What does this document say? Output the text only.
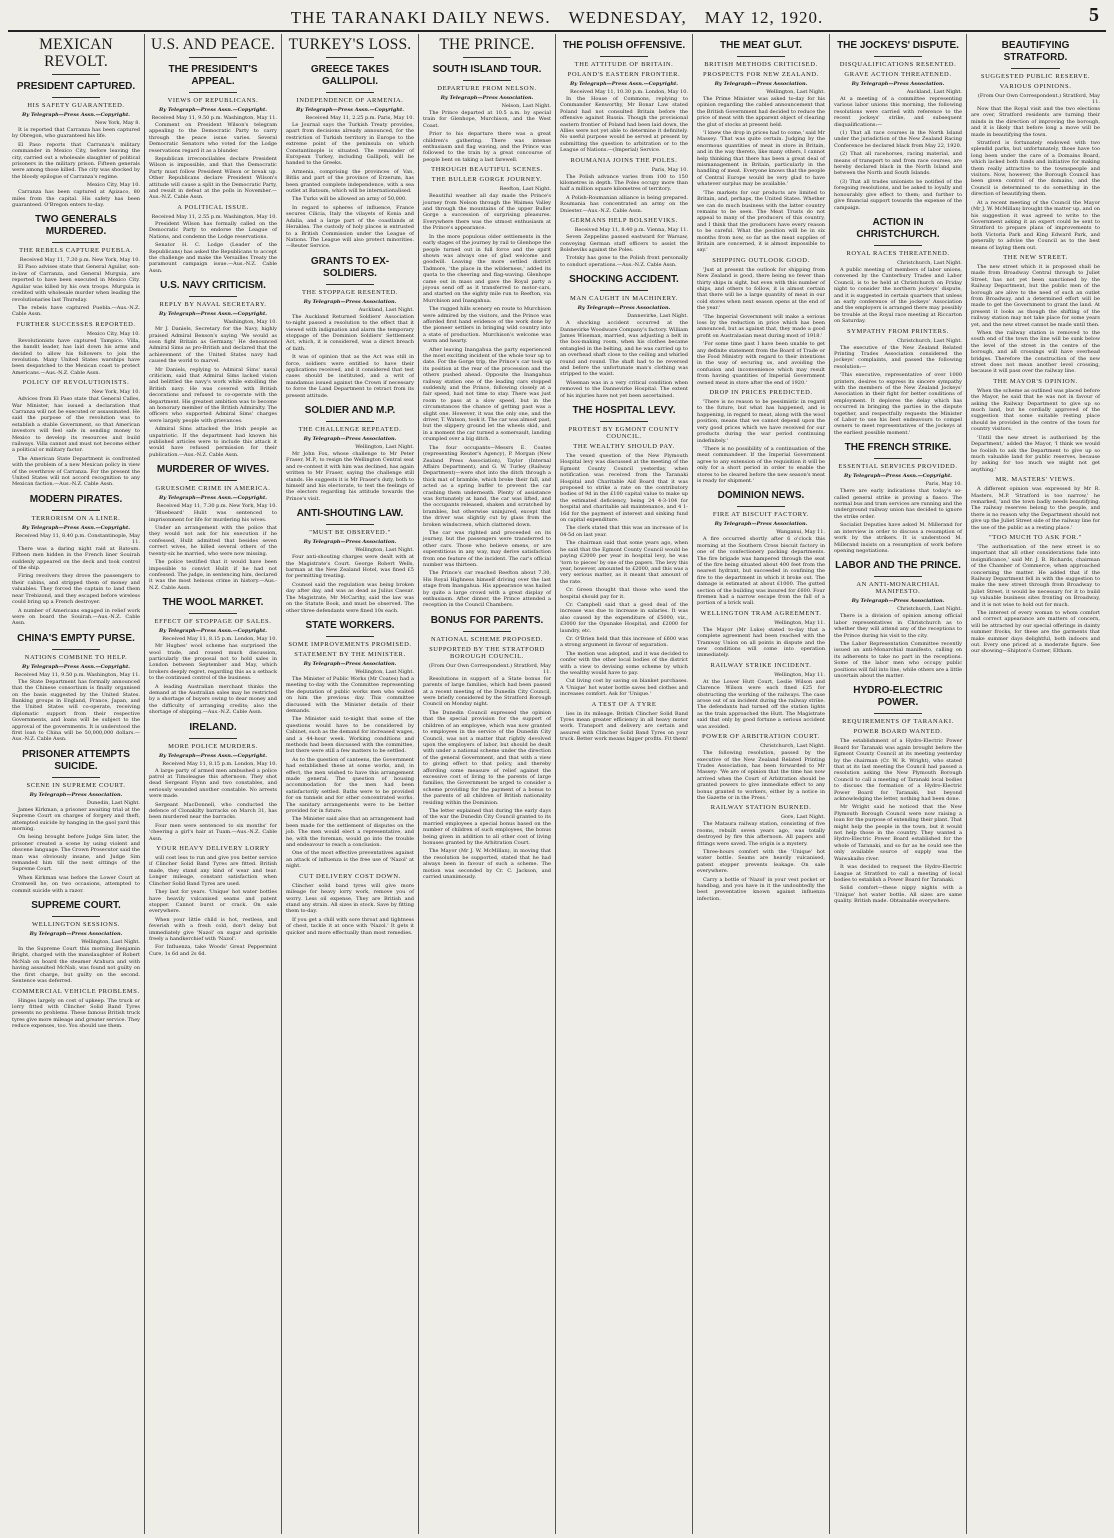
THE TARANAKI DAILY NEWS. WEDNESDAY, MAY 12, 1920.	5
MEXICAN REVOLT.
PRESIDENT CAPTURED.
HIS SAFETY GUARANTEED.
By Telegraph—Press Assn.—Copyright.
New York, May 8.

It is reported that Carranza has been captured by Obregon, who guaranteed his life.

El Paso reports that Carranza's military commander in Mexico City, before leaving the city, carried out a wholesale slaughter of political prisoners in the military prison. Fifteen generals were among those killed. The city was shocked by the bloody epilogue of Carranza's regime.

Mexico City, May 10.

Carranza has been captured at Apizaco, 80 miles from the capital. His safety has been guaranteed. O'Bregon enters to-day.

TWO GENERALS MURDERED.
THE REBELS CAPTURE PUEBLA.
Received May 11, 7.30 p.m. New York, May 10.

El Paso advises state that General Aguilar, son-in-law of Carranza, and General Murguia, are reported to have been executed in Mexico City. Aguilar was killed by his own troops. Murguia is credited with wholesale murder when leading the revolutionaries last Thursday.

The rebels have captured Puebla.—Aus.-N.Z. Cable Assn.

FURTHER SUCCESSES REPORTED.
Mexico City, May 10.

Revolutionists have captured Tampico. Villa, the bandit leader, has laid down his arms and decided to allow his followers to join the revolution. Many United States warships have been despatched to the Mexican coast to protect Americans.—Aus.-N.Z. Cable Assn.

POLICY OF REVOLUTIONISTS.
New York, May 10.

Advices from El Paso state that General Calles, War Minister, has issued a declaration that Carranza will not be executed or assassinated. He said the purpose of the revolution was to establish a stable Government, so that American investors will feel safe in sending money to Mexico to develop its resources and build railways. Villa cannot and must not become either a political or military factor.

The American State Department is confronted with the problem of a new Mexican policy in view of the overthrow of Carranza. For the present the United States will not accord recognition to any Mexican faction.—Aus.-N.Z. Cable Assn.

MODERN PIRATES.
TERRORISM ON A LINER.
By Telegraph—Press Assn.—Copyright.
Received May 11, 8.40 p.m. Constantinople, May 11.

There was a daring night raid at Batoum. Fifteen men hidden in the French liner Souirah suddenly appeared on the deck and took control of the ship.

Firing revolvers they drove the passengers to their cabins, and stripped them of money and valuables. They forced the captain to land them near Trebizond, and they escaped before wireless could bring up a French destroyer.

A number of Americans engaged in relief work were on board the Souirah.—Aus.-N.Z. Cable Assn.

CHINA'S EMPTY PURSE.
NATIONS COMBINE TO HELP.
By Telegraph—Press Assn.—Copyright.
Received May 11, 9.50 p.m. Washington, May 11.

The State Department has formally announced that the Chinese consortium is finally organised on the basis suggested by the United States. Banking groups in England, France, Japan, and the United States will co-operate, receiving diplomatic support from their respective Governments, and loans will be subject to the approval of the governments. It is understood the first loan to China will be 50,000,000 dollars.—Aus.-N.Z. Cable Assn.

PRISONER ATTEMPTS SUICIDE.
SCENE IN SUPREME COURT.
By Telegraph—Press Association.
Dunedin, Last Night.

James Kirkman, a prisoner awaiting trial at the Supreme Court on charges of forgery and theft, attempted suicide by hanging in the gaol yard this morning.

On being brought before Judge Sim later, the prisoner created a scene by using violent and obscene language. The Crown Prosecutor said the man was obviously insane, and Judge Sim remanded him till the next sittings of the Supreme Court.

When Kirkman was before the Lower Court at Cromwell he, on two occasions, attempted to commit suicide with a razor.

SUPREME COURT.
WELLINGTON SESSIONS.
By Telegraph—Press Association.
Wellington, Last Night.

In the Supreme Court this morning Benjamin Bright, charged with the manslaughter of Robert McNab on board the steamer Arahura and with having assaulted McNab, was found not guilty on the first charge, but guilty on the second. Sentence was deferred.

COMMERCIAL VEHICLE PROBLEMS.

Hinges largely on cost of upkeep. The truck or lorry fitted with Clincher Solid Band Tyres presents no problems. These famous British truck tyres give more mileage and greater service. They reduce expenses, too. You should use them.

U.S. AND PEACE.
THE PRESIDENT'S APPEAL.
VIEWS OF REPUBLICANS.
By Telegraph—Press Assn.—Copyright.
Received May 11, 9.50 p.m. Washington, May 11.

Comment on President Wilson's telegram appealing to the Democratic Party to carry through the peace issue varies. Several Democratic Senators who voted for the Lodge reservations regard it as a blunder.

Republican irreconcilables declare President Wilson is impossible, and that the Democratic Party must follow President Wilson or break up. Other Republicans declare President Wilson's attitude will cause a split in the Democratic Party, and result in defeat at the polls in November.—Aus.-N.Z. Cable Assn.

A POLITICAL ISSUE.
Received May 11, 2.55 p.m. Washington, May 10.

President Wilson has formally called on the Democratic Party to endorse the League of Nations, and condemn the Lodge reservations.

Senator H. C. Lodge (Leader of the Republicans) has asked the Republicans to accept the challenge and make the Versailles Treaty the paramount campaign issue.—Aus.-N.Z. Cable Assn.

U.S. NAVY CRITICISM.
REPLY BY NAVAL SECRETARY.
By Telegraph—Press Assn.—Copyright.
Washington, May 10.

Mr J. Daniels, Secretary for the Navy, highly praised Admiral Benson's saying 'We would as soon fight Britain as Germany.' He denounced Admiral Sims as pro-British and declared that the achievement of the United States navy had caused the world to marvel.

Mr Daniels, replying to Admiral Sims' naval criticism, said that Admiral Sims lacked vision and belittled the navy's work while extolling the British navy. He was covered with British decorations and refused to co-operate with the department. His greatest ambition was to become an honorary member of the British Admiralty. The officers who supported Admiral Sims' charges were largely people with grievances.

Admiral Sims attacked the Irish people as unpatriotic. If the department had known his published articles were to include this attack it would have refused permission for their publication.—Aus.-N.Z. Cable Assn.

MURDERER OF WIVES.
GRUESOME CRIME IN AMERICA.
By Telegraph—Press Assn.—Copyright.
Received May 11, 7.30 p.m. New York, May 10.

'Bluebeard' Hulit was sentenced to imprisonment for life for murdering his wives.

Under an arrangement with the police that they would not ask for his execution if he confessed, Hulit admitted that besides seven correct wives, he killed several others of the twenty-six he married, who were now missing.

The police testified that it would have been impossible to convict Hulit if he had not confessed. The judge, in sentencing him, declared it was the most heinous crime in history.—Aus.-N.Z. Cable Assn.

THE WOOL MARKET.
EFFECT OF STOPPAGE OF SALES.
By Telegraph—Press Assn.—Copyright.
Received May 11, 8.15 p.m. London, May 10.

Mr Hughes' wool scheme has surprised the wool trade, and roused much discussion, particularly the proposal not to hold sales in London between September and May, which brokers deeply regret, regarding this as a setback to the continued control of the business.

A leading Australian merchant thinks the demand at the Australian sales may be restricted by a shortage of buyers owing to dear money and the difficulty of arranging credits; also the shortage of shipping.—Aus.-N.Z. Cable Assn.

IRELAND.
MORE POLICE MURDERS.
By Telegraph—Press Assn.—Copyright.
Received May 11, 8.15 p.m. London, May 10.

A large party of armed men ambushed a police patrol at Timoleague this afternoon. They shot dead Sergeant Flynn and two constables, and seriously wounded another constable. No arrests were made.

Sergeant MacDonnell, who conducted the defence of Clonakilty barracks on March 31, has been murdered near the barracks.

Four men were sentenced to six months' for 'cheering a girl's hair at Tuam.—Aus.-N.Z. Cable Assn.

YOUR HEAVY DELIVERY LORRY

will cost less to run and give you better service if Clincher Solid Band Tyres are fitted. British made, they stand any kind of wear and tear. Longer mileage, constant satisfaction when Clincher Solid Band Tyres are used.

They last for years. 'Unique' hot water bottles have heavily vulcanised seams and patent stopper. Cannot burst or crack. On sale everywhere.

When your little child is hot, restless, and feverish with a fresh cold, don't delay but immediately give 'Nazol' on sugar and sprinkle freely a handkerchief with 'Nazol'.

For Influenza, take Woods' Great Peppermint Cure, 1s 6d and 2s 6d.

TURKEY'S LOSS.
GREECE TAKES GALLIPOLI.
INDEPENDENCE OF ARMENIA.
By Telegraph—Press Assn.—Copyright.
Received May 11, 2.25 p.m. Paris, May 10.

Le Journal says the Turkish Treaty provides, apart from decisions already announced, for the restriction of Turkish territory in Europe to the extreme point of the peninsula on which Constantinople is situated. The remainder of European Turkey, including Gallipoli, will be handed to the Greeks.

Armenia, comprising the provinces of Van, Bitlis and part of the province of Erzerum, has been granted complete independence, with a sea outlet at Batoum, which will be internationalised.

The Turks will be allowed an army of 50,000.

In regard to spheres of influence, France secures Cilicia, Italy the vilayets of Konia and Adalia, and a large part of the coastlands at Heraklea. The custody of holy places is entrusted to a British Commission under the League of Nations. The League will also protect minorities.—Reuter Service.

GRANTS TO EX-SOLDIERS.
THE STOPPAGE RESENTED.
By Telegraph—Press Association.
Auckland, Last Night.

The Auckland Returned Soldiers' Association to-night passed a resolution to the effect that it viewed with indignation and alarm the temporary stoppage of the Dominion Soldiers' Settlement Act, which, it is considered, was a direct breach of faith.

It was of opinion that as the Act was still in force, soldiers were entitled to have their applications received, and it considered that test cases should be instituted, and a writ of mandamus issued against the Crown if necessary to force the Land Department to retract from its present attitude.

SOLDIER AND M.P.
THE CHALLENGE REPEATED.
By Telegraph—Press Association.
Wellington, Last Night.

Mr John Fox, whose challenge to Mr Peter Fraser, M.P., to resign the Wellington Central seat and re-contest it with him was declined, has again written to Mr Fraser, saying the challenge still stands. He suggests it is Mr Fraser's duty, both to himself and his electorate, to test the feelings of the electors regarding his attitude towards the Prince's visit.

ANTI-SHOUTING LAW.
"MUST BE OBSERVED."
By Telegraph—Press Association.
Wellington, Last Night.

Four anti-shouting charges were dealt with at the Magistrate's Court. George Robert Wells, barman at the New Zealand Hotel, was fined £5 for permitting treating.

Counsel said the regulation was being broken day after day, and was as dead as Julius Caesar. The Magistrate, Mr McCarthy, said the law was on the Statute Book, and must be observed. The other three defendants were fined 10s each.

STATE WORKERS.
SOME IMPROVEMENTS PROMISED.
STATEMENT BY THE MINISTER.
By Telegraph—Press Association.
Wellington, Last Night.

The Minister of Public Works (Mr Coates) had a meeting to-day with the Committee representing the deputation of public works men who waited on him the previous day. This committee discussed with the Minister details of their demands.

The Minister said to-night that some of the questions would have to be considered by Cabinet, such as the demand for increased wages, and a 44-hour week. Working conditions and methods had been discussed with the committee, but there were still a few matters to be settled.

As to the question of canteens, the Government had established these at some works, and, in effect, the men wished to have this arrangement made general. The question of housing accommodation for the men had been satisfactorily settled. Baths were to be provided for on tunnels and for other concentrated works. The sanitary arrangements were to be better provided for in future.

The Minister said also that an arrangement had been made for the settlement of disputes on the job. The men would elect a representative, and he, with the foreman, would go into the trouble and endeavour to reach a conclusion.

One of the most effective preventatives against an attack of influenza is the free use of 'Nazol' at night.

CUT DELIVERY COST DOWN.

Clincher solid band tyres will give more mileage for heavy lorry work, remove you of worry. Less oil expense, They are British and stand any strain. All sizes in stock. Save by fitting them to-day.

If you get a chill with sore throat and tightness of chest, tackle it at once with 'Nazol.' It gets it quicker and more effectually than most remedies.

THE PRINCE.
SOUTH ISLAND TOUR.
DEPARTURE FROM NELSON.
By Telegraph—Press Association.
Nelson, Last Night.

The Prince departed at 10.5 a.m. by special train for Glenhope, Murchison, and the West Coast.

Prior to his departure there was a great children's gathering. There was intense enthusiasm and flag waving, and the Prince was followed to the train by a great concourse of people bent on taking a last farewell.

THROUGH BEAUTIFUL SCENES.
THE BULLER GORGE JOURNEY.
Reefton, Last Night.

Beautiful weather all day made the Prince's journey from Nelson through the Waimea Valley and through the mountains of the upper Buller Gorge a succession of surprising pleasures. Everywhere there was the utmost enthusiasm at the Prince's appearance.

In the more populous older settlements in the early stages of the journey by rail to Glenhope the people turned out in full force and the spirit shown was always one of glad welcome and goodwill. Leaving the more settled district Tadmore, 'the place in the wilderness,' added its quota to the cheering and flag-waving. Glenhope came out in mass and gave the Royal party a joyous send off as it transferred to motor-cars, and started on the eighty mile run to Reefton, via Murchison and Inangahua.

The rugged hills scenery en route to Murchison were admired by the visitors, and the Prince was afforded first hand evidence of the work done by the pioneer settlers in bringing wild country into a state of production. Murchison's welcome was warm and hearty.

After leaving Inangahua the party experienced the most exciting incident of the whole tour up to date. For the Gorge trip, the Prince's car took up its position at the rear of the procession and the others pushed ahead. Opposite the Inangahua railway station one of the leading cars stopped suddenly, and the Prince, following closely at a fair speed, had not time to stay. There was just room to pass at a slow speed, but in the circumstances the chance of getting past was a slight one. However, it was the only one, and the driver, T. Watson, took it. The car was almost past, but the slippery ground let the wheels skid, and in a moment the car turned a somersault, landing crumpled over a big ditch.

The four occupants—Messrs E. Coates (representing Reuter's Agency), P. Morgan (New Zealand Press Association), Taylor (Internal Affairs Department), and G. W. Turley (Railway Department)—were shot into the ditch through a thick mat of bramble, which broke their fall, and acted as a spring buffer to prevent the car crashing them underneath. Plenty of assistance was fortunately at hand, the car was lifted, and the occupants released, shaken and scratched by brambles, but otherwise uninjured, except that the driver was slightly cut by glass from the broken windscreen, which clattered down.

The car was righted and proceeded on its journey, but the passengers were transferred to other cars. Those who believe omens, or are superstitious in any way, may derive satisfaction from one feature of the incident. The car's official number was thirteen.

The Prince's car reached Reefton about 7.30, His Royal Highness himself driving over the last stage from Inangahua. His appearance was hailed by quite a large crowd with a great display of enthusiasm. After dinner, the Prince attended a reception in the Council Chambers.

BONUS FOR PARENTS.
NATIONAL SCHEME PROPOSED.
SUPPORTED BY THE STRATFORD BOROUGH COUNCIL.
(From Our Own Correspondent.) Stratford, May 11.

Resolutions in support of a State bonus for parents of large families, which had been passed at a recent meeting of the Dunedin City Council, were briefly considered by the Stratford Borough Council on Monday night.

The Dunedin Council expressed the opinion that the special provision for the support of children of an employee, which was now granted to employees in the service of the Dunedin City Council, was not a matter that rightly devolved upon the employers of labor, but should be dealt with under a national scheme under the direction of the general Government, and that with a view to giving effect to that policy, and thereby affording some measure of relief against the excessive cost of living to the parents of large families, the Government be urged to consider a scheme providing for the payment of a bonus to the parents of all children of British nationality residing within the Dominion.

The letter explained that during the early days of the war the Dunedin City Council granted to its married employees a special bonus based on the number of children of such employees, the bonus being given in addition to all other cost of living bonuses granted by the Arbitration Court.

The Mayor (Mr J. W. McMillan), in moving that the resolution be supported, stated that he had always been in favour of such a scheme. The motion was seconded by Cr. C. Jackson, and carried unanimously.

THE POLISH OFFENSIVE.
THE ATTITUDE OF BRITAIN.
POLAND'S EASTERN FRONTIER.
By Telegraph—Press Assn.—Copyright.
Received May 11, 10.30 p.m. London, May 10.

In the House of Commons, replying to Commander Kenworthy, Mr Bonar Law stated Poland had not consulted Britain before the offensive against Russia. Though the provisional eastern frontier of Poland had been laid down, the Allies were not yet able to determine it definitely. No useful purpose would be served at present by submitting the question to arbitration or to the League of Nations.—(Imperial) Service.

ROUMANIA JOINS THE POLES.
Paris, May 10.

The Polish advance varies from 100 to 150 kilometres in depth. The Poles occupy more than half a million square kilometres of territory.

A Polish-Roumanian alliance is being prepared. Roumania has concentrated an army on the Dniester.—Aus.-N.Z. Cable Assn.

GERMANS HELP BOLSHEVIKS.
Received May 11, 8.40 p.m. Vienna, May 11.

Seven Zeppelins passed eastward for Warsaw, conveying German staff officers to assist the Bolsheviks against the Poles.

Trotsky has gone to the Polish front personally to conduct operations.—Aus.-N.Z. Cable Assn.

SHOCKING ACCIDENT.
MAN CAUGHT IN MACHINERY.
By Telegraph—Press Association.
Dannevirke, Last Night.

A shocking accident occurred at the Dannevirke Woodware Company's factory. William James Wiseman, married, was adjusting a belt in the box-making room, when his clothes became entangled in the belting, and he was carried up to an overhead shaft close to the ceiling and whirled round and round. The shaft had to be reversed and before the unfortunate man's clothing was stripped to the waist.

Wiseman was in a very critical condition when removed to the Dannevirke Hospital. The extent of his injuries have not yet been ascertained.

THE HOSPITAL LEVY.
PROTEST BY EGMONT COUNTY COUNCIL.
THE WEALTHY SHOULD PAY.

The vexed question of the New Plymouth Hospital levy was discussed at the meeting of the Egmont County Council yesterday, when notification was received from the Taranaki Hospital and Charitable Aid Board that it was proposed to strike a rate on the contributory bodies of 9d in the £100 capital value to make up the estimated deficiency, being 24 4-3-104 for hospital and charitable aid maintenance, and 4 1-16d for the payment of interest and sinking fund on capital expenditure.

The clerk stated that this was an increase of 1s 04-5d on last year.

The chairman said that some years ago, when he said that the Egmont County Council would be paying £2000 per year in hospital levy, he was 'torn to pieces' by one of the papers. The levy this year, however, amounted to £2000, and this was a very serious matter, as it meant that amount of the rate.

Cr. Green thought that those who used the hospital should pay for it.

Cr. Campbell said that a good deal of the increase was due to increase in salaries. It was also caused by the expenditure of £5000, viz., £3000 for the Opunake Hospital, and £2000 for laundry, etc.

Cr. O'Brien held that this increase of £600 was a strong argument in favour of separation.

The motion was adopted, and it was decided to confer with the other local bodies of the district with a view to devising some scheme by which the wealthy would have to pay.

Cut living cost by saving on blanket purchases. A 'Unique' hot water bottle saves bed clothes and increases comfort. Ask for 'Unique.'

A TEST OF A TYRE

lies in its mileage. British Clincher Solid Band Tyres mean greater efficiency in all heavy motor work. Transport and delivery are certain and assured with Clincher Solid Band Tyres on your truck. Better work means bigger profits. Fit them!

THE MEAT GLUT.
BRITISH METHODS CRITICISED.
PROSPECTS FOR NEW ZEALAND.
By Telegraph—Press Association.
Wellington, Last Night.

The Prime Minister was asked to-day for his opinion regarding the cabled announcement that the British Government had decided to reduce the price of meat with the apparent object of clearing the glut of stocks at present held.

'I knew the drop in prices had to come,' said Mr Massey. 'That was quite certain. Judging by the enormous quantities of meat in store in Britain, and in the way thereto, like many others, I cannot help thinking that there has been a great deal of mismanagement in Britain, particularly in the handling of meat. Everyone knows that the people of Central Europe would be very glad to have whatever surplus may be available.'

'The markets for our products are limited to Britain, and, perhaps, the United States. Whether we can do much business with the latter country remains to be seen. The Meat Trusts do not appeal to many of the producers of this country, and I think that the producers have every reason to be careful. What the position will be in six months from now, so far as the meat supplies of Britain are concerned, it is almost impossible to say.'

SHIPPING OUTLOOK GOOD.

'Just at present the outlook for shipping from New Zealand is good, there being no fewer than thirty ships in sight, but even with this number of ships, and others to follow, it is almost certain that there will be a large quantity of meat in our cold stores when next season opens at the end of the year.'

'The Imperial Government will make a serious loss by the reduction in price which has been announced, but as against that, they made a good profit on Australasian meat during most of 1918.'

'For some time past I have been unable to get any definite statement from the Board of Trade or the Food Ministry with regard to their intentions in the way of securing us, and avoiding the confusion and inconvenience which may result from having quantities of Imperial Government owned meat in store after the end of 1920.'

DROP IN PRICES PREDICTED.

'There is no reason to be pessimistic in regard to the future, but what has happened, and is happening, in regard to meat, along with the wool position, means that we cannot depend upon the very good prices which we have received for our products during the war period continuing indefinitely.'

'There is no possibility of a continuation of the meat commandeer. If the Imperial Government agree to any extension of the requisition it will be only for a short period in order to enable the stores to be cleared before the new season's meat is ready for shipment.'

DOMINION NEWS.
FIRE AT BISCUIT FACTORY.
By Telegraph—Press Association.
Wanganui, May 11.

A fire occurred shortly after 6 o'clock this morning at the Southern Cross biscuit factory in one of the confectionery packing departments. The fire brigade was hampered through the seat of the fire being situated about 400 feet from the nearest hydrant, but succeeded in confining the fire to the department in which it broke out. The damage is estimated at about £1000. The gutted section of the building was insured for £600. Four firemen had a narrow escape from the fall of a portion of a brick wall.

WELLINGTON TRAM AGREEMENT.
Wellington, May 11.

The Mayor (Mr Luke) stated to-day that a complete agreement had been reached with the Tramway Union on all points in dispute and the new conditions will come into operation immediately.

RAILWAY STRIKE INCIDENT.
Wellington, May 11.

At the Lower Hutt Court, Leslie Wilson and Clarence Wilson were each fined £25 for obstructing the working of the railways. The case arose out of an incident during the railway strike. The defendants had turned off the station lights as the train approached the Hutt. The Magistrate said that only by good fortune a serious accident was avoided.

POWER OF ARBITRATION COURT.
Christchurch, Last Night.

The following resolution, passed by the executive of the New Zealand Related Printing Trades Association, has been forwarded to Mr Massey: 'We are of opinion that the time has now arrived when the Court of Arbitration should be granted powers to give immediate effect to any bonus granted to workers, either by a notice in the Gazette or in the Press.'

RAILWAY STATION BURNED.
Gore, Last Night.

The Mataura railway station, consisting of five rooms, rebuilt seven years ago, was totally destroyed by fire this afternoon. All papers and fittings were saved. The origin is a mystery.

Three-hours comfort with the 'Unique' hot water bottle. Seams are heavily vulcanised, patent stopper prevents leakage. On sale everywhere.

Carry a bottle of 'Nazol' in your vest pocket or handbag, and you have in it the undoubtedly the best preventative known against influenza infection.

THE JOCKEYS' DISPUTE.
DISQUALIFICATIONS RESENTED.
GRAVE ACTION THREATENED.
By Telegraph—Press Association.
Auckland, Last Night.

At a meeting of a committee representing various labor unions this morning, the following resolutions were carried with reference to the recent jockeys' strike, and subsequent disqualifications:—

(1) That all race courses in the North Island under the jurisdiction of the New Zealand Racing Conference be declared black from May 22, 1920.

(2) That all racehorses, racing material, and means of transport to and from race courses, are hereby declared black in the North Island and between the North and South Islands.

(3) That all trades unionists be notified of the foregoing resolutions, and be asked to loyally and honourably give effect to them; and further to give financial support towards the expense of the campaign.

ACTION IN CHRISTCHURCH.
ROYAL RACES THREATENED.
Christchurch, Last Night.

A public meeting of members of labor unions, convened by the Canterbury Trades and Labor Council, is to be held at Christchurch on Friday night to consider the northern jockeys' dispute, and it is suggested in certain quarters that unless an early conference of the jockeys' Association and the employers is arranged there may possibly be trouble at the Royal race meeting at Riccarton on Saturday.

SYMPATHY FROM PRINTERS.
Christchurch, Last Night.

The executive of the New Zealand Related Printing Trades Association considered the jockeys' complaints, and passed the following resolution:—

'This executive, representative of over 1000 printers, desires to express its sincere sympathy with the members of the New Zealand Jockeys' Association in their fight for better conditions of employment. It deplores the delay which has occurred in bringing the parties in the dispute together, and respectfully requests the Minister of Labor to use his best endeavours to compel owners to meet representatives of the jockeys at the earliest possible moment.'

THE FRENCH STRIKE.
ESSENTIAL SERVICES PROVIDED.
By Telegraph—Press Assn.—Copyright.
Paris, May 10.

There are early indications that today's so-called general strike is proving a fiasco. The normal bus and tram services are running and the underground railway union has decided to ignore the strike order.

Socialist Deputies have asked M. Millerand for an interview in order to discuss a resumption of work by the strikers. It is understood M. Millerand insists on a resumption of work before opening negotiations.

LABOR AND THE PRINCE.
AN ANTI-MONARCHIAL MANIFESTO.
By Telegraph—Press Association.
Christchurch, Last Night.

There is a division of opinion among official labor representatives in Christchurch as to whether they will attend any of the receptions to the Prince during his visit to the city.

The Labor Representation Committee recently issued an anti-Monarchial manifesto, calling on its adherents to take no part in the receptions. Some of the labor men who occupy public positions will fall into line, while others are a little uncertain about the matter.

HYDRO-ELECTRIC POWER.
REQUIREMENTS OF TARANAKI.
POWER BOARD WANTED.

The establishment of a Hydro-Electric Power Board for Taranaki was again brought before the Egmont County Council at its meeting yesterday by the chairman (Cr. W. R. Wright), who stated that at its last meeting the Council had passed a resolution asking the New Plymouth Borough Council to call a meeting of Taranaki local bodies to discuss the formation of a Hydro-Electric Power Board for Taranaki, but beyond acknowledging the letter, nothing had been done.

Mr Wright said he noticed that the New Plymouth Borough Council were now raising a loan for the purpose of extending their plant. That might help the people in the town, but it would not help those in the country. They wanted a Hydro-Electric Power Board established for the whole of Taranaki, and so far as he could see the only available source of supply was the Waiwakaiho river.

It was decided to request the Hydro-Electric League at Stratford to call a meeting of local bodies to establish a Power Board for Taranaki.

Solid comfort—these nippy nights with a 'Unique' hot water bottle. All sizes are same quality. British made. Obtainable everywhere.

BEAUTIFYING STRATFORD.
SUGGESTED PUBLIC RESERVE.
VARIOUS OPINIONS.
(From Our Own Correspondent.) Stratford, May 11.

Now that the Royal visit and the two elections are over, Stratford residents are turning their minds in the direction of improving the borough, and it is likely that before long a move will be made in beautifying the town.

Stratford is fortunately endowed with two splendid parks, but unfortunately, those have too long been under the care of a Domains Board, which lacked both funds and initiative for making them really attractive to the townspeople and visitors. Now, however, the Borough Council has been given control of the domains, and the Council is determined to do something in the direction of beautifying them.

At a recent meeting of the Council the Mayor (Mr J. W. McMillan) brought the matter up, and on his suggestion it was agreed to write to the Government asking it an expert could be sent to Stratford to prepare plans of improvements to both Victoria Park and King Edward Park, and generally to advise the Council as to the best means of laying them out.

THE NEW STREET.

The new street which it is proposed shall be made from Broadway Central through to Juliet Street, has not yet been sanctioned by the Railway Department, but the public men of the borough are alive to the need of such an outlet from Broadway, and a determined effort will be made to get the Government to grant the land. At present it looks as though the shifting of the railway station may not take place for some years yet, and the new street cannot be made until then.

When the railway station is removed to the south end of the town the line will be sunk below the level of the street in the centre of the borough, and all crossings will have overhead bridges. Therefore the construction of the new street does not mean another level crossing, because it will pass over the railway line.

THE MAYOR'S OPINION.

When the scheme as outlined was placed before the Mayor, he said that he was not in favour of asking the Railway Department to give up so much land, but he cordially approved of the suggestion that some suitable resting place should be provided in the centre of the town for country visitors.

'Until the new street is authorised by the Department,' added the Mayor, 'I think we would be foolish to ask the Department to give up so much valuable land for public reserves, because by asking for too much we might not get anything.'

MR. MASTERS' VIEWS.

A different opinion was expressed by Mr R. Masters, M.P. 'Stratford is too narrow,' he remarked, 'and the town badly needs beautifying. The railway reserves belong to the people, and there is no reason why the Department should not give up the Juliet Street side of the railway line for the use of the public as a resting place.'

"TOO MUCH TO ASK FOR."

'The authorisation of the new street is so important that all other considerations fade into insignificance,' said Mr. J. B. Richards, chairman of the Chamber of Commerce, when approached concerning the matter. He added that if the Railway Department fell in with the suggestion to make the new street through from Broadway to Juliet Street, it would be necessary for it to build up valuable business sites fronting on Broadway, and it is not wise to hold out for much.

The interest of every woman to whom comfort and correct appearance are matters of concern, will be attracted by our special offerings in dainty summer frocks, for these are the garments that make summer days delightful, both indoors and out. Every one priced at a moderate figure. See our showing—Shipton's Corner, Eltham.
